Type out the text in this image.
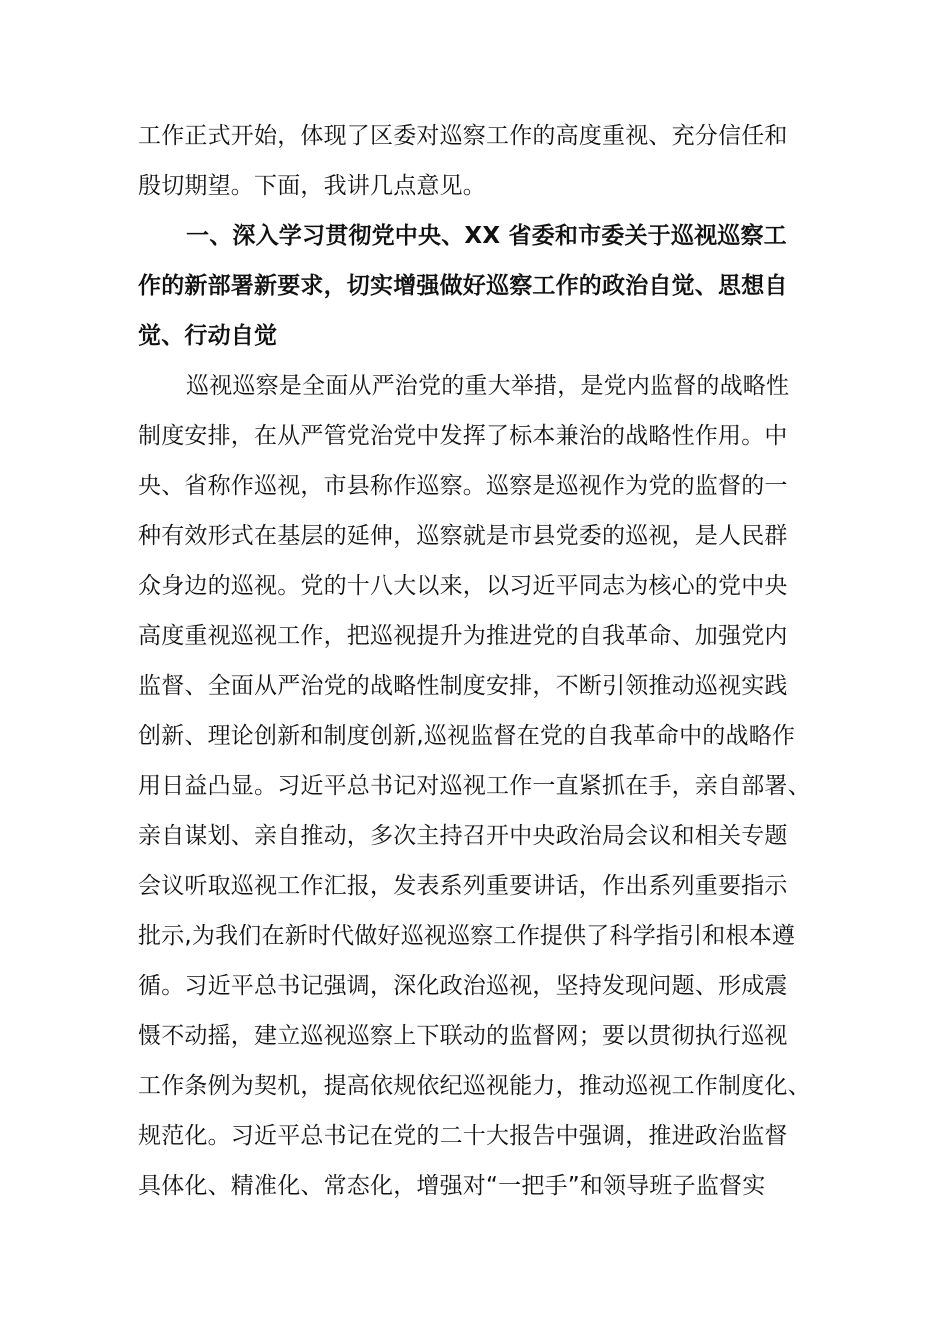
工作正式开始，体现了区委对巡察工作的高度重视、充分信任和
殷切期望。下面，我讲几点意见。
一、深入学习贯彻党中央、XX 省委和市委关于巡视巡察工
作的新部署新要求，切实增强做好巡察工作的政治自觉、思想自
觉、行动自觉
巡视巡察是全面从严治党的重大举措，是党内监督的战略性
制度安排，在从严管党治党中发挥了标本兼治的战略性作用。中
央、省称作巡视，市县称作巡察。巡察是巡视作为党的监督的一
种有效形式在基层的延伸，巡察就是市县党委的巡视，是人民群
众身边的巡视。党的十八大以来，以习近平同志为核心的党中央
高度重视巡视工作，把巡视提升为推进党的自我革命、加强党内
监督、全面从严治党的战略性制度安排，不断引领推动巡视实践
创新、理论创新和制度创新,巡视监督在党的自我革命中的战略作
用日益凸显。习近平总书记对巡视工作一直紧抓在手，亲自部署、
亲自谋划、亲自推动，多次主持召开中央政治局会议和相关专题
会议听取巡视工作汇报，发表系列重要讲话，作出系列重要指示
批示,为我们在新时代做好巡视巡察工作提供了科学指引和根本遵
循。习近平总书记强调，深化政治巡视，坚持发现问题、形成震
慑不动摇，建立巡视巡察上下联动的监督网；要以贯彻执行巡视
工作条例为契机，提高依规依纪巡视能力，推动巡视工作制度化、
规范化。习近平总书记在党的二十大报告中强调，推进政治监督
具体化、精准化、常态化，增强对“一把手”和领导班子监督实
